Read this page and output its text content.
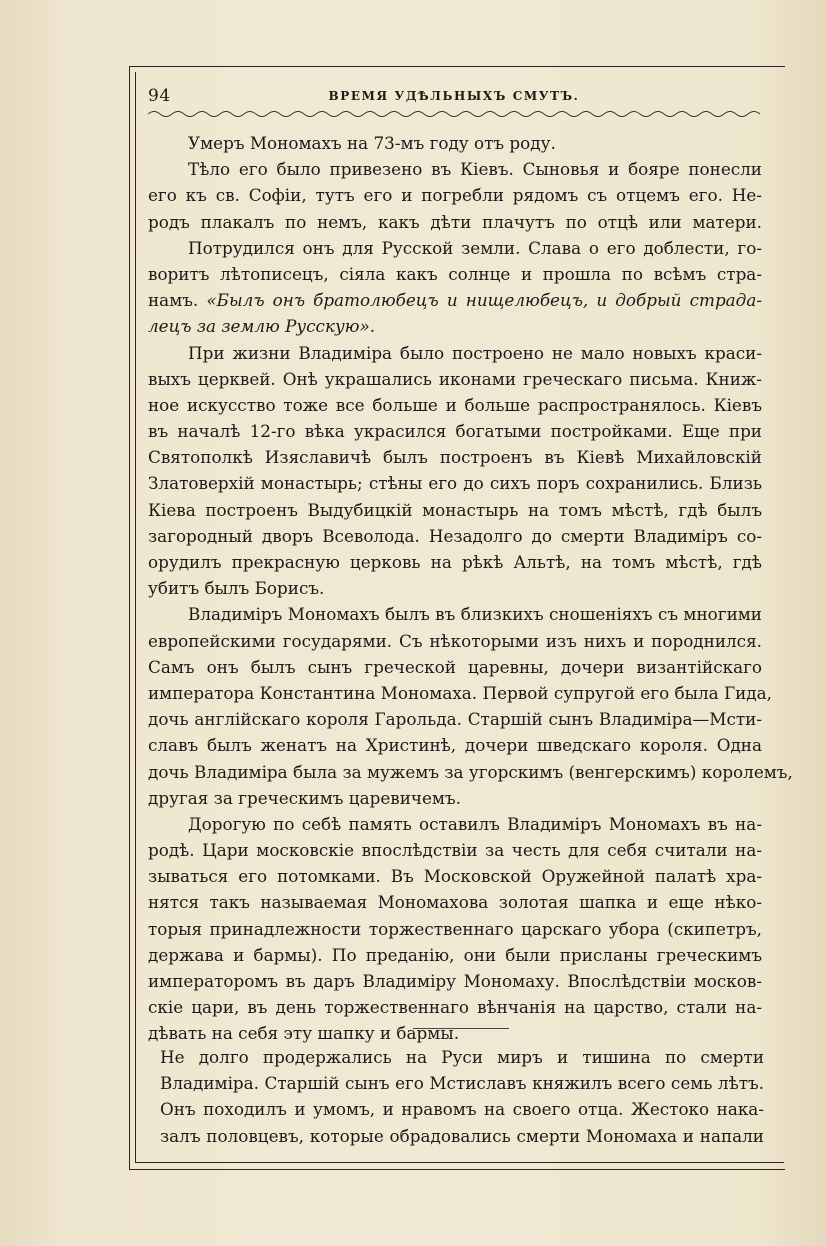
94	ВРЕМЯ УДѢЛЬНЫХЪ СМУТЪ.
Умеръ Мономахъ на 73-мъ году отъ роду.
Тѣло его было привезено въ Кіевъ. Сыновья и бояре понесли
его къ св. Софіи, тутъ его и погребли рядомъ съ отцемъ его. Не-
родъ плакалъ по немъ, какъ дѣти плачутъ по отцѣ или матери.
Потрудился онъ для Русской земли. Слава о его доблести, го-
воритъ лѣтописецъ, сіяла какъ солнце и прошла по всѣмъ стра-
намъ. «Былъ онъ братолюбецъ и нищелюбецъ, и добрый страда-
лецъ за землю Русскую».
При жизни Владиміра было построено не мало новыхъ краси-
выхъ церквей. Онѣ украшались иконами греческаго письма. Книж-
ное искусство тоже все больше и больше распространялось. Кіевъ
въ началѣ 12-го вѣка украсился богатыми постройками. Еще при
Святополкѣ Изяславичѣ былъ построенъ въ Кіевѣ Михайловскій
Златоверхій монастырь; стѣны его до сихъ поръ сохранились. Близь
Кіева построенъ Выдубицкій монастырь на томъ мѣстѣ, гдѣ былъ
загородный дворъ Всеволода. Незадолго до смерти Владиміръ со-
орудилъ прекрасную церковь на рѣкѣ Альтѣ, на томъ мѣстѣ, гдѣ
убитъ былъ Борисъ.
Владиміръ Мономахъ былъ въ близкихъ сношеніяхъ съ многими
европейскими государями. Съ нѣкоторыми изъ нихъ и породнился.
Самъ онъ былъ сынъ греческой царевны, дочери византійскаго
императора Константина Мономаха. Первой супругой его была Гида,
дочь англійскаго короля Гарольда. Старшій сынъ Владиміра—Мсти-
славъ былъ женатъ на Христинѣ, дочери шведскаго короля. Одна
дочь Владиміра была за мужемъ за угорскимъ (венгерскимъ) королемъ,
другая за греческимъ царевичемъ.
Дорогую по себѣ память оставилъ Владиміръ Мономахъ въ на-
родѣ. Цари московскіе впослѣдствіи за честь для себя считали на-
зываться его потомками. Въ Московской Оружейной палатѣ хра-
нятся такъ называемая Мономахова золотая шапка и еще нѣко-
торыя принадлежности торжественнаго царскаго убора (скипетръ,
держава и бармы). По преданію, они были присланы греческимъ
императоромъ въ даръ Владиміру Мономаху. Впослѣдствіи москов-
скіе цари, въ день торжественнаго вѣнчанія на царство, стали на-
дѣвать на себя эту шапку и бармы.
Не долго продержались на Руси миръ и тишина по смерти
Владиміра. Старшій сынъ его Мстиславъ княжилъ всего семь лѣтъ.
Онъ походилъ и умомъ, и нравомъ на своего отца. Жестоко нака-
залъ половцевъ, которые обрадовались смерти Мономаха и напали
